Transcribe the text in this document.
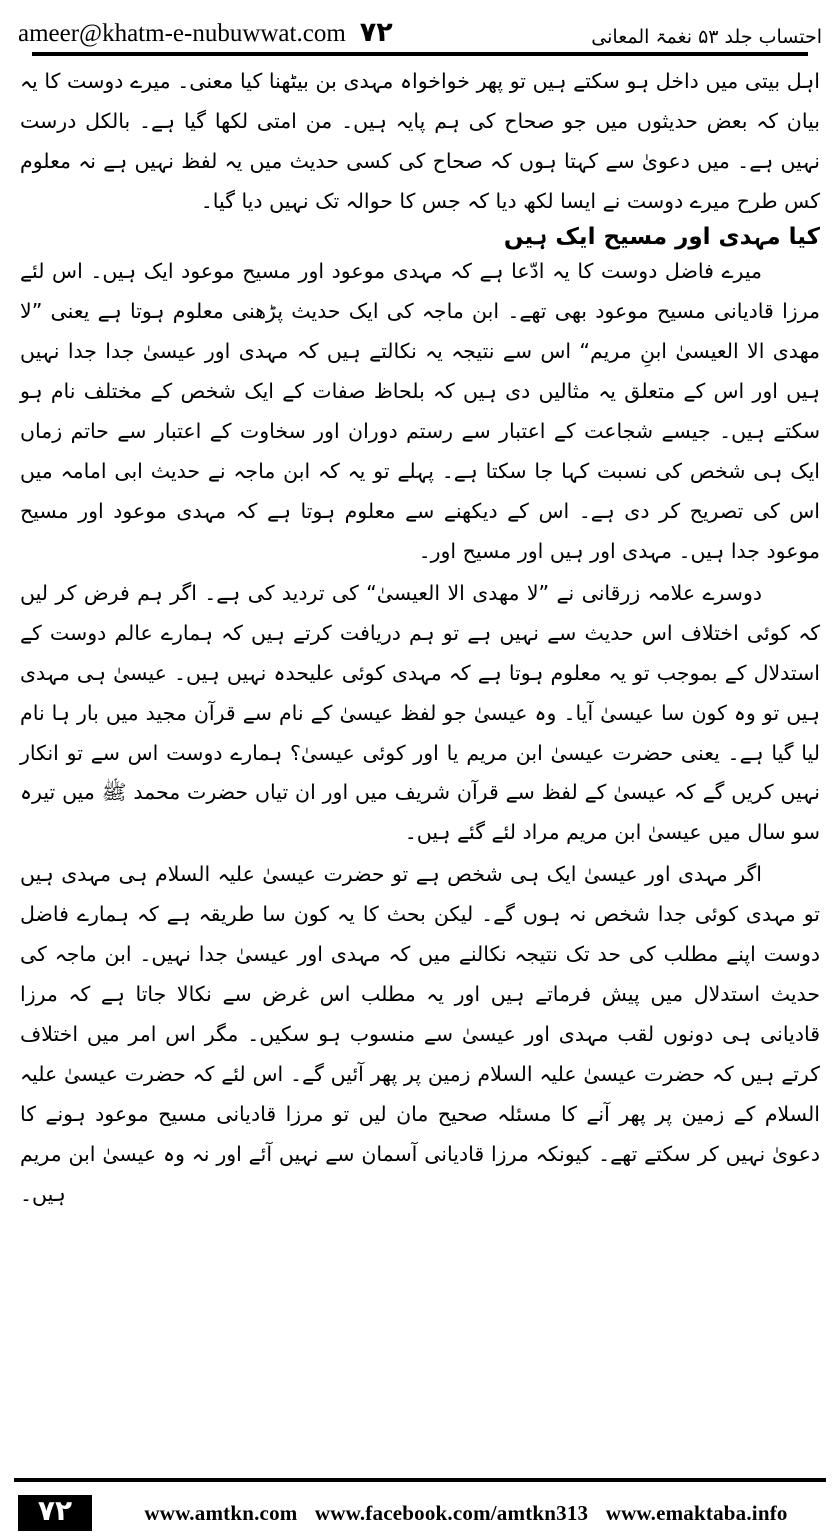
ameer@khatm-e-nubuwwat.com ۷۲	احتساب جلد ۵۳ نغمۃ المعانی

اہل بیتی میں داخل ہو سکتے ہیں تو پھر خواخواہ مہدی بن بیٹھنا کیا معنی۔ میرے دوست کا یہ بیان کہ بعض حدیثوں میں جو صحاح کی ہم پایہ ہیں۔ من امتی لکھا گیا ہے۔ بالکل درست نہیں ہے۔ میں دعویٰ سے کہتا ہوں کہ صحاح کی کسی حدیث میں یہ لفظ نہیں ہے نہ معلوم کس طرح میرے دوست نے ایسا لکھ دیا کہ جس کا حوالہ تک نہیں دیا گیا۔

کیا مہدی اور مسیح ایک ہیں

میرے فاضل دوست کا یہ ادّعا ہے کہ مہدی موعود اور مسیح موعود ایک ہیں۔ اس لئے مرزا قادیانی مسیح موعود بھی تھے۔ ابن ماجہ کی ایک حدیث پڑھنی معلوم ہوتا ہے یعنی ”لا مهدی الا العیسیٰ ابنِ مریم“ اس سے نتیجہ یہ نکالتے ہیں کہ مہدی اور عیسیٰ جدا جدا نہیں ہیں اور اس کے متعلق یہ مثالیں دی ہیں کہ بلحاظ صفات کے ایک شخص کے مختلف نام ہو سکتے ہیں۔ جیسے شجاعت کے اعتبار سے رستم دوران اور سخاوت کے اعتبار سے حاتم زماں ایک ہی شخص کی نسبت کہا جا سکتا ہے۔ پہلے تو یہ کہ ابن ماجہ نے حدیث ابی امامہ میں اس کی تصریح کر دی ہے۔ اس کے دیکھنے سے معلوم ہوتا ہے کہ مہدی موعود اور مسیح موعود جدا ہیں۔ مہدی اور ہیں اور مسیح اور۔

دوسرے علامہ زرقانی نے ”لا مهدی الا العیسیٰ“ کی تردید کی ہے۔ اگر ہم فرض کر لیں کہ کوئی اختلاف اس حدیث سے نہیں ہے تو ہم دریافت کرتے ہیں کہ ہمارے عالم دوست کے استدلال کے بموجب تو یہ معلوم ہوتا ہے کہ مہدی کوئی علیحدہ نہیں ہیں۔ عیسیٰ ہی مہدی ہیں تو وہ کون سا عیسیٰ آیا۔ وہ عیسیٰ جو لفظ عیسیٰ کے نام سے قرآن مجید میں بار ہا نام لیا گیا ہے۔ یعنی حضرت عیسیٰ ابن مریم یا اور کوئی عیسیٰ؟ ہمارے دوست اس سے تو انکار نہیں کریں گے کہ عیسیٰ کے لفظ سے قرآن شریف میں اور ان تیاں حضرت محمد ﷺ میں تیرہ سو سال میں عیسیٰ ابن مریم مراد لئے گئے ہیں۔

اگر مہدی اور عیسیٰ ایک ہی شخص ہے تو حضرت عیسیٰ علیہ السلام ہی مہدی ہیں تو مہدی کوئی جدا شخص نہ ہوں گے۔ لیکن بحث کا یہ کون سا طریقہ ہے کہ ہمارے فاضل دوست اپنے مطلب کی حد تک نتیجہ نکالنے میں کہ مہدی اور عیسیٰ جدا نہیں۔ ابن ماجہ کی حدیث استدلال میں پیش فرماتے ہیں اور یہ مطلب اس غرض سے نکالا جاتا ہے کہ مرزا قادیانی ہی دونوں لقب مہدی اور عیسیٰ سے منسوب ہو سکیں۔ مگر اس امر میں اختلاف کرتے ہیں کہ حضرت عیسیٰ علیہ السلام زمین پر پھر آئیں گے۔ اس لئے کہ حضرت عیسیٰ علیہ السلام کے زمین پر پھر آنے کا مسئلہ صحیح مان لیں تو مرزا قادیانی مسیح موعود ہونے کا دعویٰ نہیں کر سکتے تھے۔ کیونکہ مرزا قادیانی آسمان سے نہیں آئے اور نہ وہ عیسیٰ ابن مریم ہیں۔

۷۲	www.amtkn.com www.facebook.com/amtkn313 www.emaktaba.info
